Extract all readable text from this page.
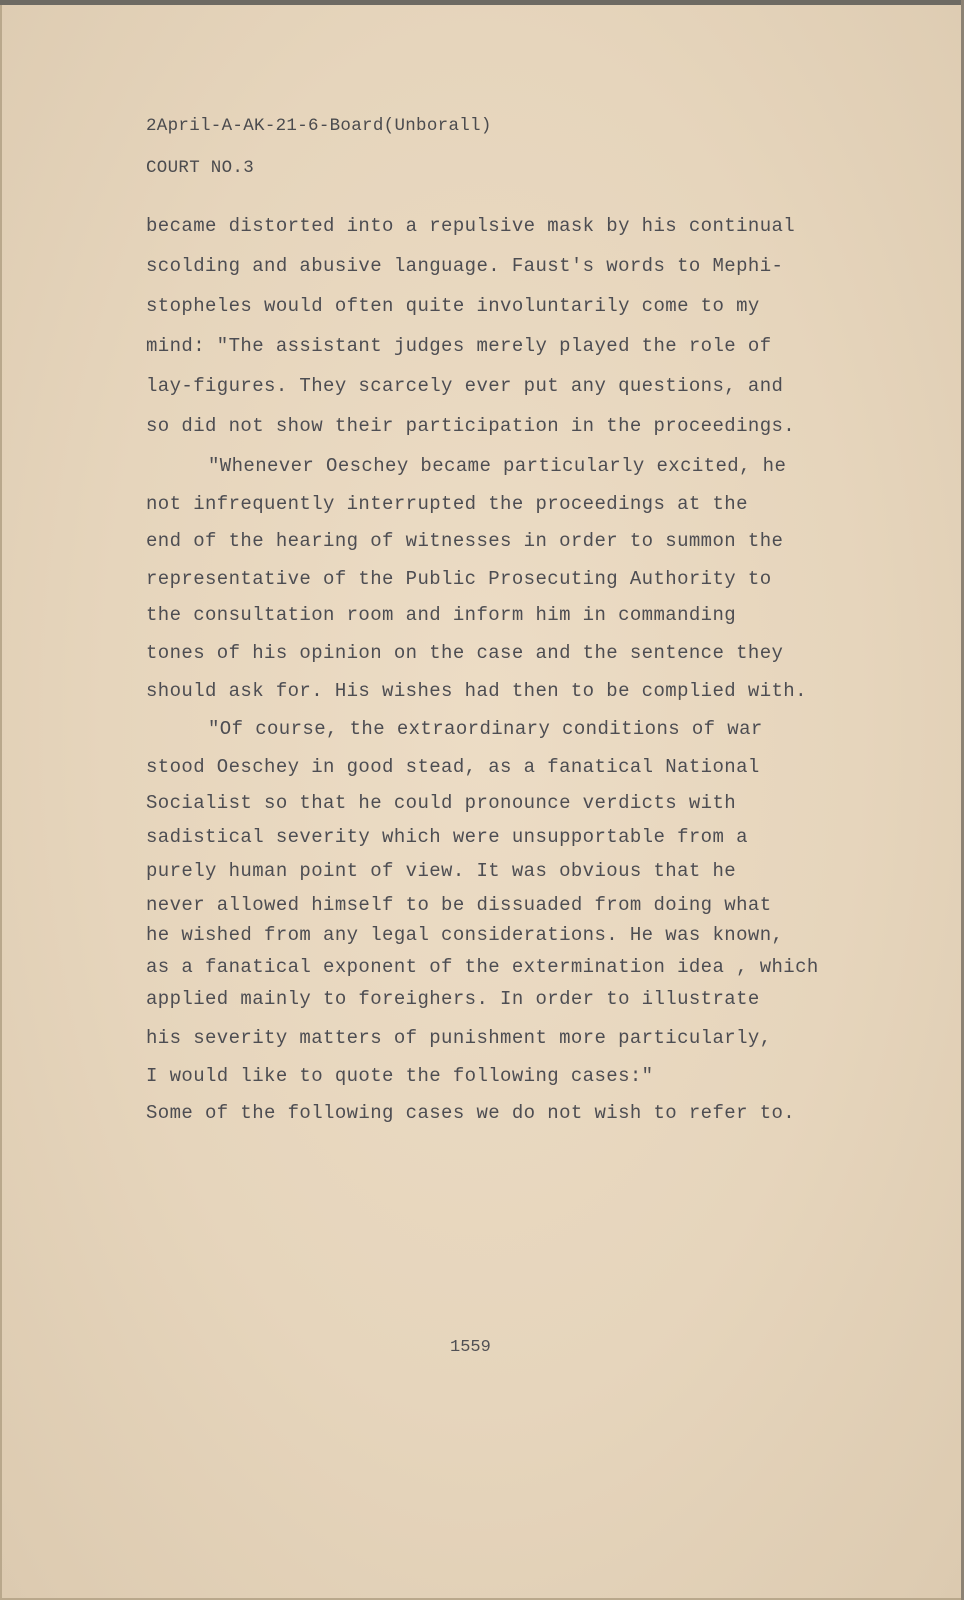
2April-A-AK-21-6-Board(Unborall)
COURT NO.3
became distorted into a repulsive mask by his continual
scolding and abusive language. Faust's words to Mephi-
stopheles would often quite involuntarily come to my
mind: "The assistant judges merely played the role of
lay-figures. They scarcely ever put any questions, and
so did not show their participation in the proceedings.
"Whenever Oeschey became particularly excited, he
not infrequently interrupted the proceedings at the
end of the hearing of witnesses in order to summon the
representative of the Public Prosecuting Authority to
the consultation room and inform him in commanding
tones of his opinion on the case and the sentence they
should ask for. His wishes had then to be complied with.
"Of course, the extraordinary conditions of war
stood Oeschey in good stead, as a fanatical National
Socialist so that he could pronounce verdicts with
sadistical severity which were unsupportable from a
purely human point of view. It was obvious that he
never allowed himself to be dissuaded from doing what
he wished from any legal considerations. He was known,
as a fanatical exponent of the extermination idea , which
applied mainly to foreighers. In order to illustrate
his severity matters of punishment more particularly,
I would like to quote the following cases:"
Some of the following cases we do not wish to refer to.
1559
